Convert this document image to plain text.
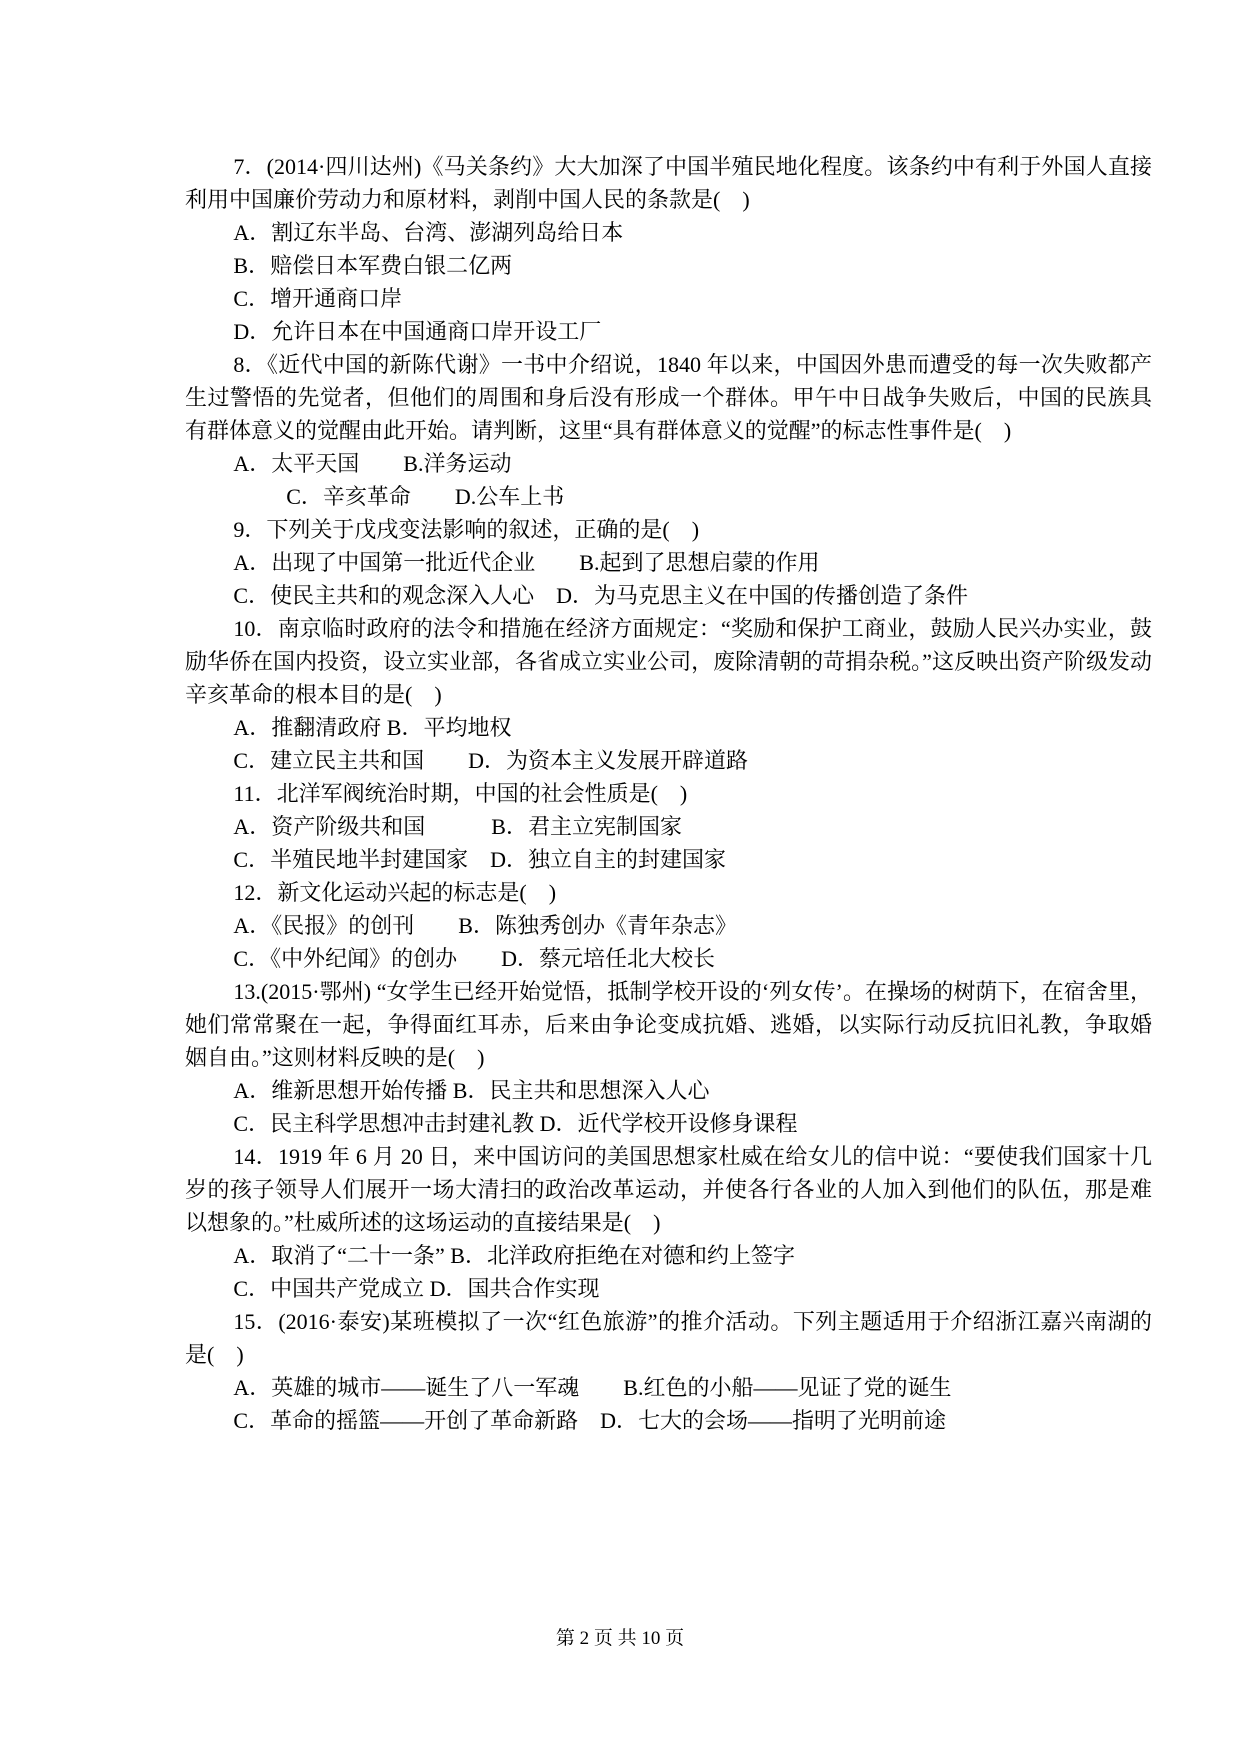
7．(2014·四川达州)《马关条约》大大加深了中国半殖民地化程度。该条约中有利于外国人直接利用中国廉价劳动力和原材料，剥削中国人民的条款是(　)

A．割辽东半岛、台湾、澎湖列岛给日本

B．赔偿日本军费白银二亿两

C．增开通商口岸

D．允许日本在中国通商口岸开设工厂

8．《近代中国的新陈代谢》一书中介绍说，1840 年以来，中国因外患而遭受的每一次失败都产生过警悟的先觉者，但他们的周围和身后没有形成一个群体。甲午中日战争失败后，中国的民族具有群体意义的觉醒由此开始。请判断，这里“具有群体意义的觉醒”的标志性事件是(　)

A．太平天国　　B.洋务运动

C．辛亥革命　　D.公车上书

9．下列关于戊戌变法影响的叙述，正确的是(　)

A．出现了中国第一批近代企业　　B.起到了思想启蒙的作用

C．使民主共和的观念深入人心　D．为马克思主义在中国的传播创造了条件

10．南京临时政府的法令和措施在经济方面规定：“奖励和保护工商业，鼓励人民兴办实业，鼓励华侨在国内投资，设立实业部，各省成立实业公司，废除清朝的苛捐杂税。”这反映出资产阶级发动辛亥革命的根本目的是(　)

A．推翻清政府 B．平均地权

C．建立民主共和国　　D．为资本主义发展开辟道路

11．北洋军阀统治时期，中国的社会性质是(　)

A．资产阶级共和国　　　B．君主立宪制国家

C．半殖民地半封建国家　D．独立自主的封建国家

12．新文化运动兴起的标志是(　)

A．《民报》的创刊　　B．陈独秀创办《青年杂志》

C．《中外纪闻》的创办　　D．蔡元培任北大校长

13.(2015·鄂州) “女学生已经开始觉悟，抵制学校开设的‘列女传’。在操场的树荫下，在宿舍里，她们常常聚在一起，争得面红耳赤，后来由争论变成抗婚、逃婚，以实际行动反抗旧礼教，争取婚姻自由。”这则材料反映的是(　)

A．维新思想开始传播 B．民主共和思想深入人心

C．民主科学思想冲击封建礼教 D．近代学校开设修身课程

14．1919 年 6 月 20 日，来中国访问的美国思想家杜威在给女儿的信中说：“要使我们国家十几岁的孩子领导人们展开一场大清扫的政治改革运动，并使各行各业的人加入到他们的队伍，那是难以想象的。”杜威所述的这场运动的直接结果是(　)

A．取消了“二十一条” B．北洋政府拒绝在对德和约上签字

C．中国共产党成立 D．国共合作实现

15．(2016·泰安)某班模拟了一次“红色旅游”的推介活动。下列主题适用于介绍浙江嘉兴南湖的是(　)

A．英雄的城市——诞生了八一军魂　　B.红色的小船——见证了党的诞生

C．革命的摇篮——开创了革命新路　D．七大的会场——指明了光明前途

第 2 页 共 10 页
